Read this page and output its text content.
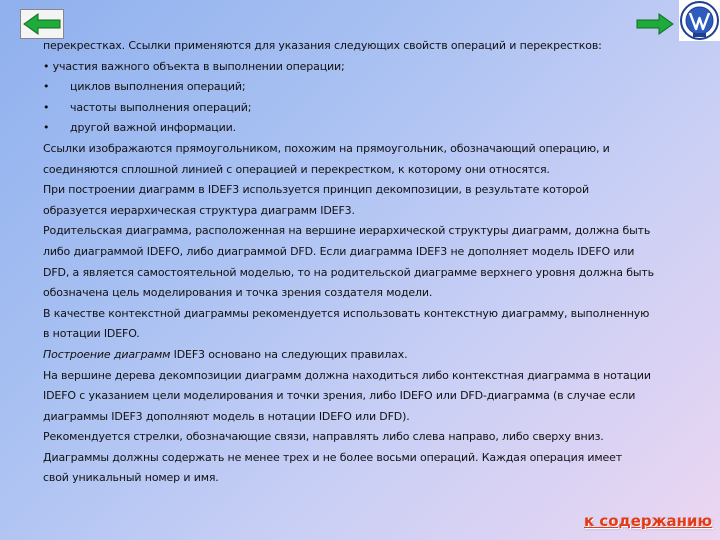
перекрестках. Ссылки применяются для указания следующих свойств операций и перекрестков:

• участия важного объекта в выполнении операции;

•	циклов выполнения операций;

•	частоты выполнения операций;

•	другой важной информации.

Ссылки изображаются прямоугольником, похожим на прямоугольник, обозначающий операцию, и

соединяются сплошной линией с операцией и перекрестком, к которому они относятся.

При построении диаграмм в IDEF3 используется принцип декомпозиции, в результате которой

образуется иерархическая структура диаграмм IDEF3.

Родительская диаграмма, расположенная на вершине иерархической структуры диаграмм, должна быть

либо диаграммой IDEFO, либо диаграммой DFD. Если диаграмма IDEF3 не дополняет модель IDEFO или

DFD, а является самостоятельной моделью, то на родительской диаграмме верхнего уровня должна быть

обозначена цель моделирования и точка зрения создателя модели.

В качестве контекстной диаграммы рекомендуется использовать контекстную диаграмму, выполненную

в нотации IDEFO.

Построение диаграмм IDEF3 основано на следующих правилах.

На вершине дерева декомпозиции диаграмм должна находиться либо контекстная диаграмма в нотации

IDEFO с указанием цели моделирования и точки зрения, либо IDEFO или DFD-диаграмма (в случае если

диаграммы IDEF3 дополняют модель в нотации IDEFO или DFD).

Рекомендуется стрелки, обозначающие связи, направлять либо слева направо, либо сверху вниз.

Диаграммы должны содержать не менее трех и не более восьми операций. Каждая операция имеет

свой уникальный номер и имя.

к содержанию
